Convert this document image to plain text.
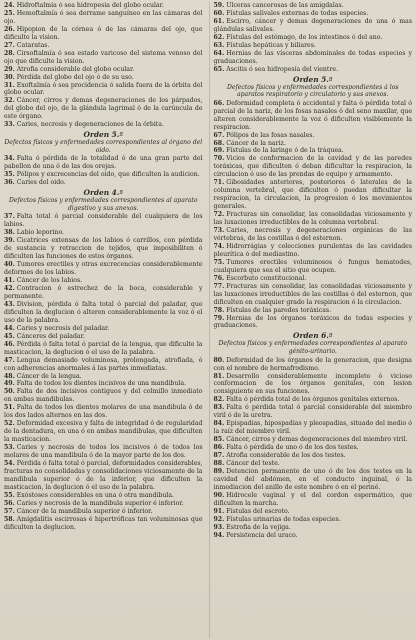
24. Hidroftalmía ó sea hidropesía del globo ocular.

25. Hemoftalmía ó sea derrame sanguíneo en las cámaras del ojo.

26. Hipopion de la córnea ó de las cámaras del ojo, que dificulte la vision.

27. Cataratas.

28. Cirsoftalmía ó sea estado varicoso del sistema venoso del ojo que dificulte la vision.

29. Atrofia considerable del globo ocular.

30. Pérdida del globo del ojo ó de su uso.

31. Exoftalmía ó sea procidencia ó salida fuera de la órbita del globo ocular.

32. Cáncer, cirros y demas degeneraciones de los párpados, del globo del ojo, de la glándula lagrimal ó de la carúncula de este órgano.

33. Caries, necrosis y degeneraciones de la órbita.

Orden 5.ª
Defectos físicos y enfermedades correspondientes al órgano del oido.

34. Falta ó pérdida de la totalidad ó de una gran parte del pabellon de una ó de las dos orejas.

35. Pólipos y excrecencias del oido, que dificulten la audicion.

36. Caries del oido.

Orden 4.ª
Defectos físicos y enfermedades correspondientes al aparato digestivo y sus anexos.

37. Falta total ó parcial considerable del cualquiera de los labios.

38. Labio leporino.

39. Cicatrices extensas de los labios ó carrillos, con pérdida de sustancia y retraccion de tejidos, que imposibiliten ó dificulten las funciones de estos órganos.

40. Tumores erectiles y otras excrecencias considerablemente deformes de los labios.

41. Cáncer de los labios.

42. Contracion ó estrechez de la boca, considerable y permanente.

43. Division, pérdida ó falta total ó parcial del paladar, que dificulten la deglucion ó alteren considerablemente la voz ó el uso de la palabra.

44. Caries y necrosis del paladar.

45. Cánceres del paladar.

46. Pérdida ó falta total ó parcial de la lengua, que dificulte la masticacion, la deglucion ó el uso de la palabra.

47. Lengua demasiado voluminosa, prolongada, atrofiada, ó con adherencias anormales á las partes inmediatas.

48. Cáncer de la lengua.

49. Falta de todos los dientes incisivos de una mandibula.

50. Falta de dos incisivos contiguos y del colmillo inmediato en ambas mandibulas.

51. Falta de todos los dientes molares de una mandibula ó de los dos lados alternos en las dos.

52. Deformidad excesiva y falta de integridad ó de regularidad de la dentadura, en una ó en ambas mandibulas, que dificulten la masticacion.

53. Caries y necrosis de todos los incisivos ó de todos los molares de una mandibula ó de la mayor parte de los dos.

54. Pérdida ó falta total ó parcial, deformidades considerables, fracturas no consolidadas y consolidaciones viciosamente de la mandibula superior ó de la inferior, que dificulten la masticacion, la deglucion ó el uso de la palabra.

55. Exóstoses considerables en una ó otra mandibula.

56. Caries y necrosis de la mandibula superior é inferior.

57. Cáncer de la mandibula superior ó inferior.

58. Amígdalitis escirrosas é hipertróficas tan voluminosas que dificulten la deglucion.

59. Ulceras cancerosas de las amigdalas.

60. Fístulas salivales externas de todas especies.

61. Escirro, cáncer y demas degeneraciones de una ó mas glándulas salivales.

62. Fístulas del estómago, de los intestinos ó del ano.

63. Fístulas hepáticas y biliares.

64. Hernias de las vísceras abdominales de todas especies y graduaciones.

65. Ascitis ó sea hidropesía del vientre.

Orden 5.ª
Defectos físicos y enfermedades correspondientes á los aparatos respiratorio y circulatorio y sus anexos.

66. Deformidad completa ó accidental y falta ó pérdida total ó parcial de la nariz, de los fosas nasales ó del seno maxilar, que alteren considerablemente la voz ó dificulten visiblemente la respiracion.

67. Pólipos de las fosas nasales.

68. Cáncer de la nariz.

69. Fístulas de la laringe ó de la tráquea.

70. Vicios de conformacion de la cavidad y de las paredes toráxicas, que dificulten ó deban dificultar la respiracion, la circulacion ó uso de las prendas de equipo y armamento.

71. Gibosidades anteriores, posteriores ó laterales de la columna vertebral, que dificulten ó puedan dificultar la respiracion, la circulacion, la progresion ó los movimientos generales.

72. Fracturas sin consolidar, las consolidadas viciosamente y las luxaciones irreductibles de la columna vertebral.

73. Caries, necrosis y degeneraciones orgánicas de las vértebras, de las costillas ó del esternon.

74. Hidrorrágias y colecciones purulentas de las cavidades pleurítica ó del mediastino.

75. Tumores erectiles voluminosos ó fungus hematodes, cualquiera que sea el sitio que ocupen.

76. Escorbuto constitucional.

77. Fracturas sin consolidar, las consolidadas viciosamente y las luxaciones irreductibles de las costillas ó del esternon, que dificulten en cualquier grado la respiracion ó la circulacion.

78. Fístulas de las paredes toráxicas.

79. Hernias de los órganos toráxicos de todas especies y graduaciones.

Orden 6.ª
Defectos físicos y enfermedades correspondientes al aparato génito-urinario.

80. Deformidad de los órganos de la generacion, que designa con el nombre de hermafrodismo.

81. Desarrollo considerablemente incompleto ó vicioso conformacion de los órganos genitales, con lesion consiguiente en sus funciones.

82. Falta ó pérdida total de los órganos genitales externos.

83. Falta ó pérdida total ó parcial considerable del miembro viril ó de la uretra.

84. Epispadias, hipospadias y pleospadias, situado del medio ó la raíz del miembro viril.

85. Cáncer, cirros y demas degeneraciones del miembro viril.

86. Falta ó pérdida de uno ó de los dos testes.

87. Atrofia considerable de los dos testes.

88. Cáncer del teste.

89. Detencion permanente de uno ó de los dos testes en la cavidad del abdómen, en el conducto inguinal, ó la inmediacion del anillo de este nombre ó en el periné.

90. Hidrocele vaginal y el del cordon espermático, que dificulten la marcha.

91. Fístulas del escroto.

92. Fístulas urinarias de todas especies.

93. Estrofia de la vejiga.

94. Persistencia del uraco.
